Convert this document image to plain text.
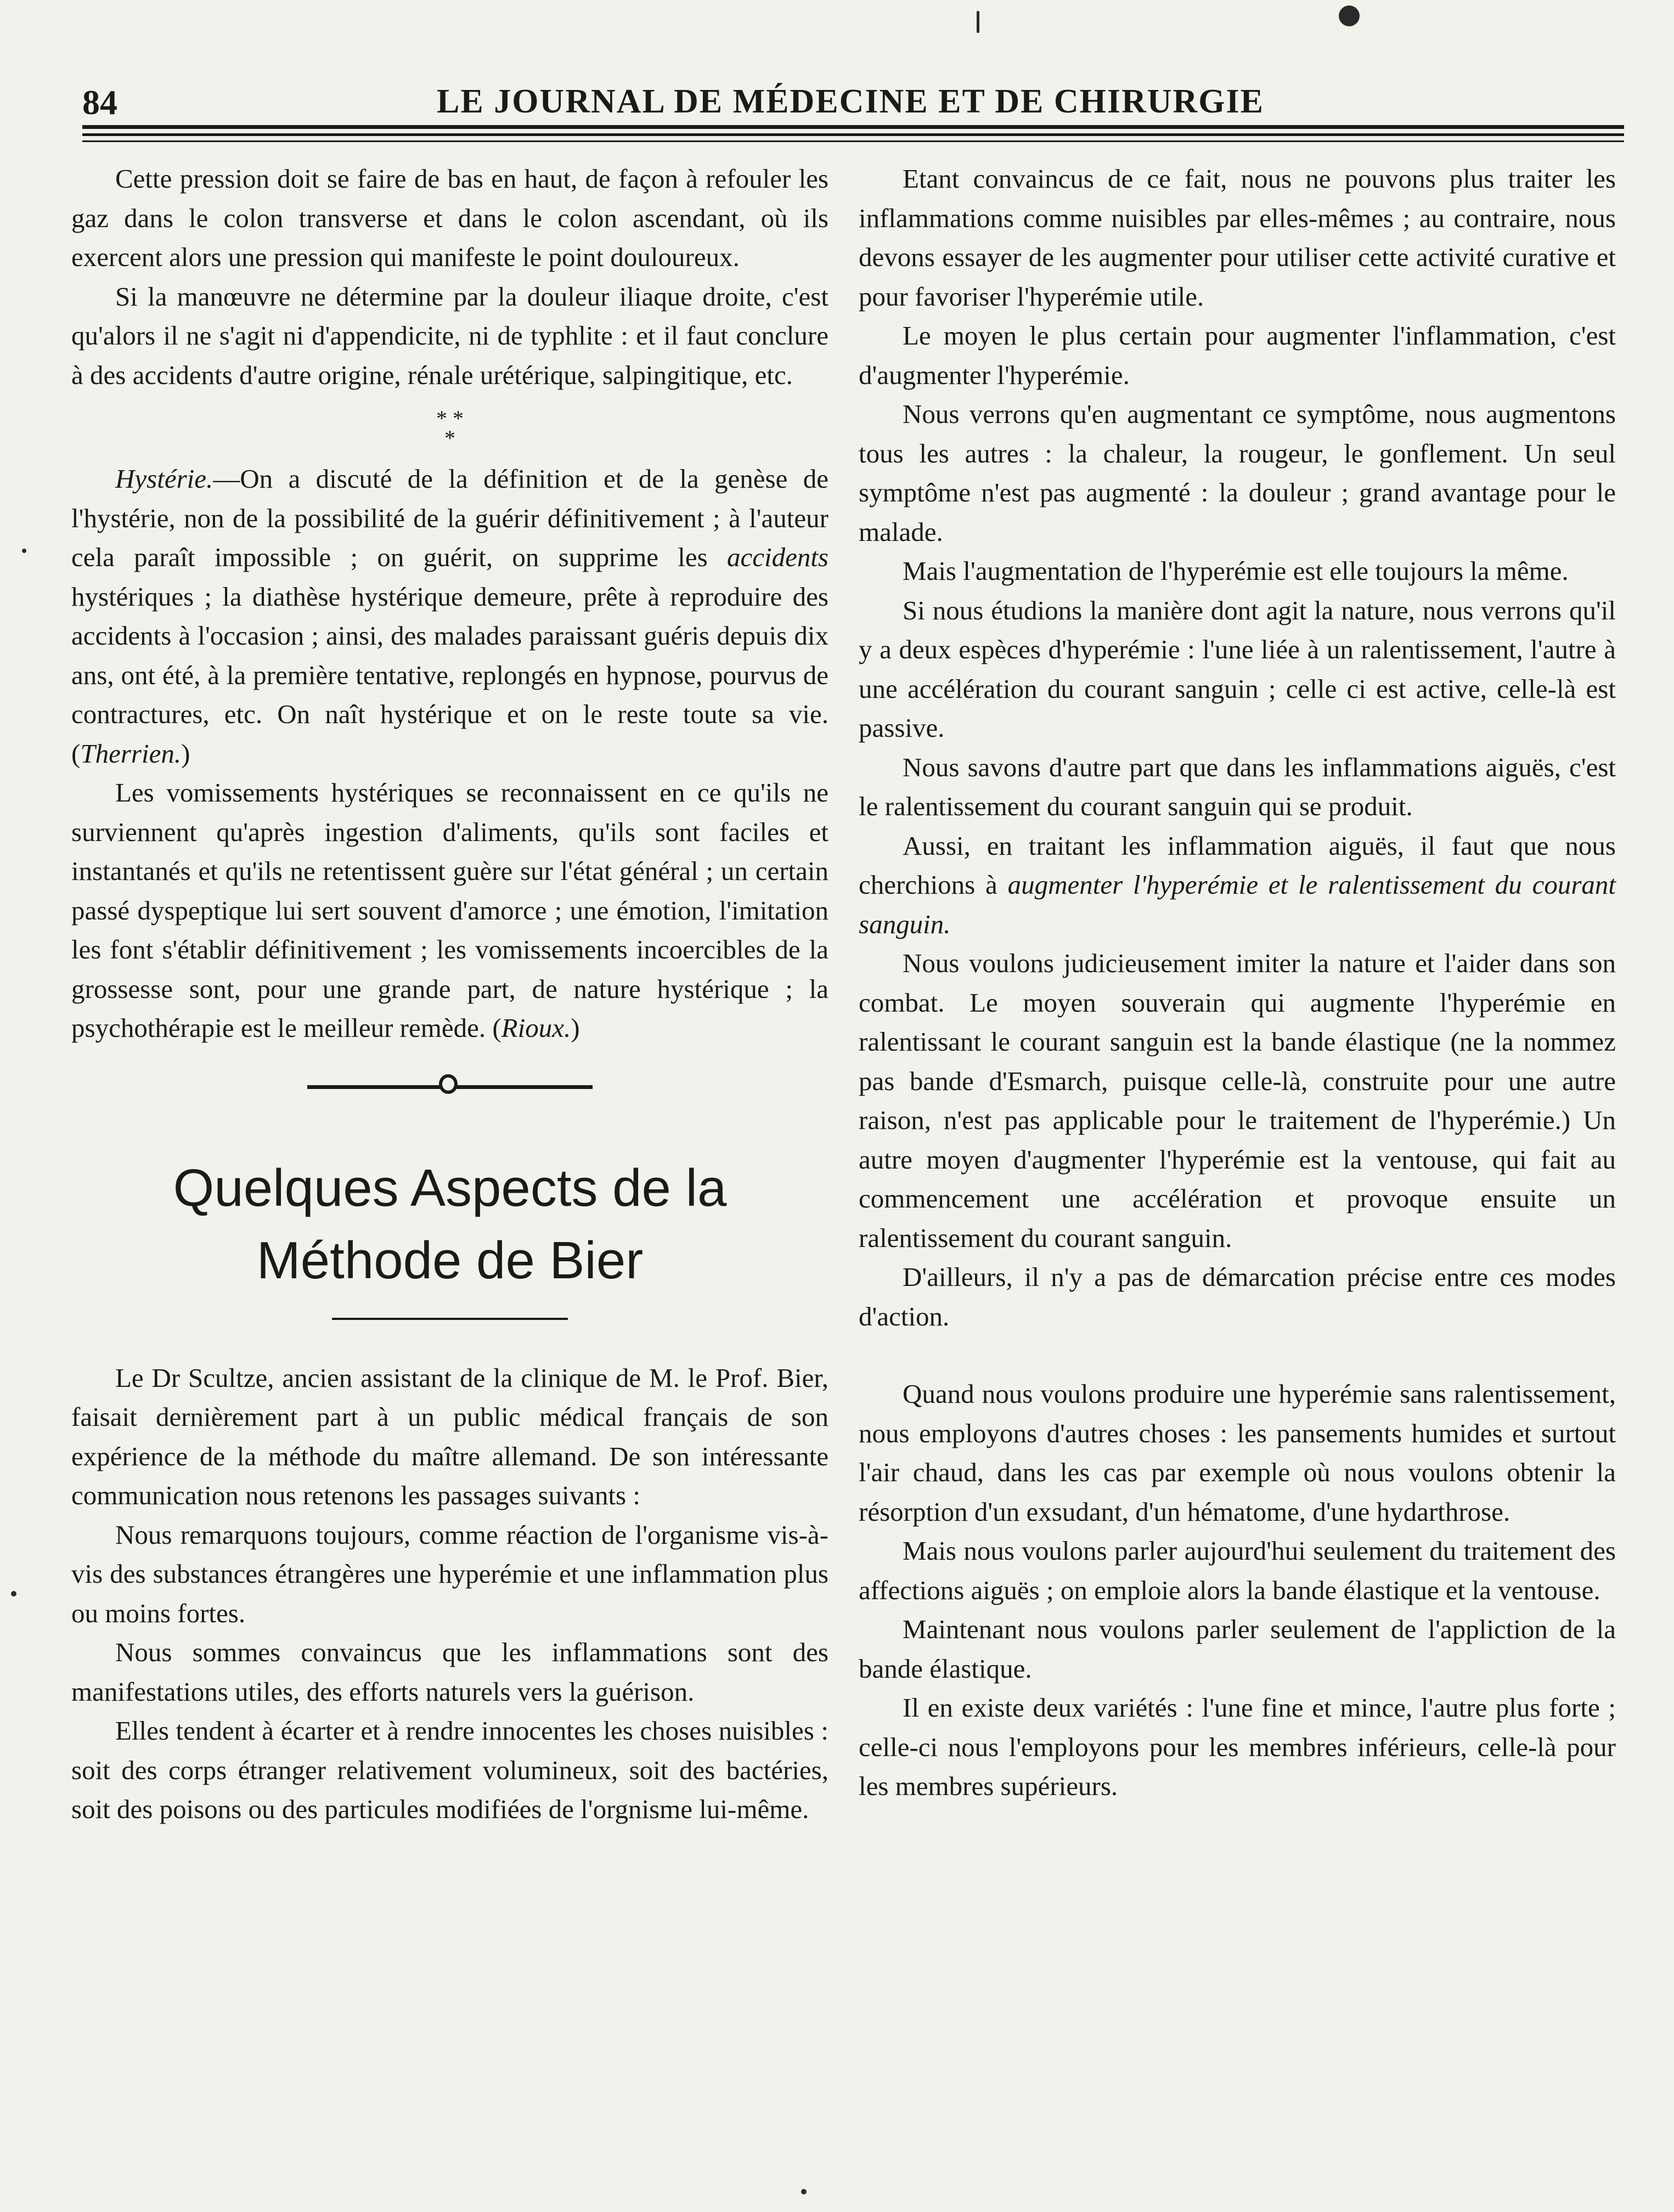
84	LE JOURNAL DE MÉDECINE ET DE CHIRURGIE

Cette pression doit se faire de bas en haut, de façon à refouler les gaz dans le colon transverse et dans le colon ascendant, où ils exercent alors une pression qui manifeste le point douloureux.

Si la manœuvre ne détermine par la douleur iliaque droite, c'est qu'alors il ne s'agit ni d'appendicite, ni de typhlite : et il faut conclure à des accidents d'autre origine, rénale urétérique, salpingitique, etc.

* *
*

Hystérie.—On a discuté de la définition et de la genèse de l'hystérie, non de la possibilité de la guérir définitivement ; à l'auteur cela paraît impossible ; on guérit, on supprime les accidents hystériques ; la diathèse hystérique demeure, prête à reproduire des accidents à l'occasion ; ainsi, des malades paraissant guéris depuis dix ans, ont été, à la première tentative, replongés en hypnose, pourvus de contractures, etc. On naît hystérique et on le reste toute sa vie. (Therrien.)

Les vomissements hystériques se reconnaissent en ce qu'ils ne surviennent qu'après ingestion d'aliments, qu'ils sont faciles et instantanés et qu'ils ne retentissent guère sur l'état général ; un certain passé dyspeptique lui sert souvent d'amorce ; une émotion, l'imitation les font s'établir définitivement ; les vomissements incoercibles de la grossesse sont, pour une grande part, de nature hystérique ; la psychothérapie est le meilleur remède. (Rioux.)

Quelques Aspects de la
Méthode de Bier

Le Dr Scultze, ancien assistant de la clinique de M. le Prof. Bier, faisait dernièrement part à un public médical français de son expérience de la méthode du maître allemand. De son intéressante communication nous retenons les passages suivants :

Nous remarquons toujours, comme réaction de l'organisme vis-à-vis des substances étrangères une hyperémie et une inflammation plus ou moins fortes.

Nous sommes convaincus que les inflammations sont des manifestations utiles, des efforts naturels vers la guérison.

Elles tendent à écarter et à rendre innocentes les choses nuisibles : soit des corps étranger relativement volumineux, soit des bactéries, soit des poisons ou des particules modifiées de l'orgnisme lui-même.

Etant convaincus de ce fait, nous ne pouvons plus traiter les inflammations comme nuisibles par elles-mêmes ; au contraire, nous devons essayer de les augmenter pour utiliser cette activité curative et pour favoriser l'hyperémie utile.

Le moyen le plus certain pour augmenter l'inflammation, c'est d'augmenter l'hyperémie.

Nous verrons qu'en augmentant ce symptôme, nous augmentons tous les autres : la chaleur, la rougeur, le gonflement. Un seul symptôme n'est pas augmenté : la douleur ; grand avantage pour le malade.

Mais l'augmentation de l'hyperémie est elle toujours la même.

Si nous étudions la manière dont agit la nature, nous verrons qu'il y a deux espèces d'hyperémie : l'une liée à un ralentissement, l'autre à une accélération du courant sanguin ; celle ci est active, celle-là est passive.

Nous savons d'autre part que dans les inflammations aiguës, c'est le ralentissement du courant sanguin qui se produit.

Aussi, en traitant les inflammation aiguës, il faut que nous cherchions à augmenter l'hyperémie et le ralentissement du courant sanguin.

Nous voulons judicieusement imiter la nature et l'aider dans son combat. Le moyen souverain qui augmente l'hyperémie en ralentissant le courant sanguin est la bande élastique (ne la nommez pas bande d'Esmarch, puisque celle-là, construite pour une autre raison, n'est pas applicable pour le traitement de l'hyperémie.) Un autre moyen d'augmenter l'hyperémie est la ventouse, qui fait au commencement une accélération et provoque ensuite un ralentissement du courant sanguin.

D'ailleurs, il n'y a pas de démarcation précise entre ces modes d'action.

Quand nous voulons produire une hyperémie sans ralentissement, nous employons d'autres choses : les pansements humides et surtout l'air chaud, dans les cas par exemple où nous voulons obtenir la résorption d'un exsudant, d'un hématome, d'une hydarthrose.

Mais nous voulons parler aujourd'hui seulement du traitement des affections aiguës ; on emploie alors la bande élastique et la ventouse.

Maintenant nous voulons parler seulement de l'appliction de la bande élastique.

Il en existe deux variétés : l'une fine et mince, l'autre plus forte ; celle-ci nous l'employons pour les membres inférieurs, celle-là pour les membres supérieurs.
